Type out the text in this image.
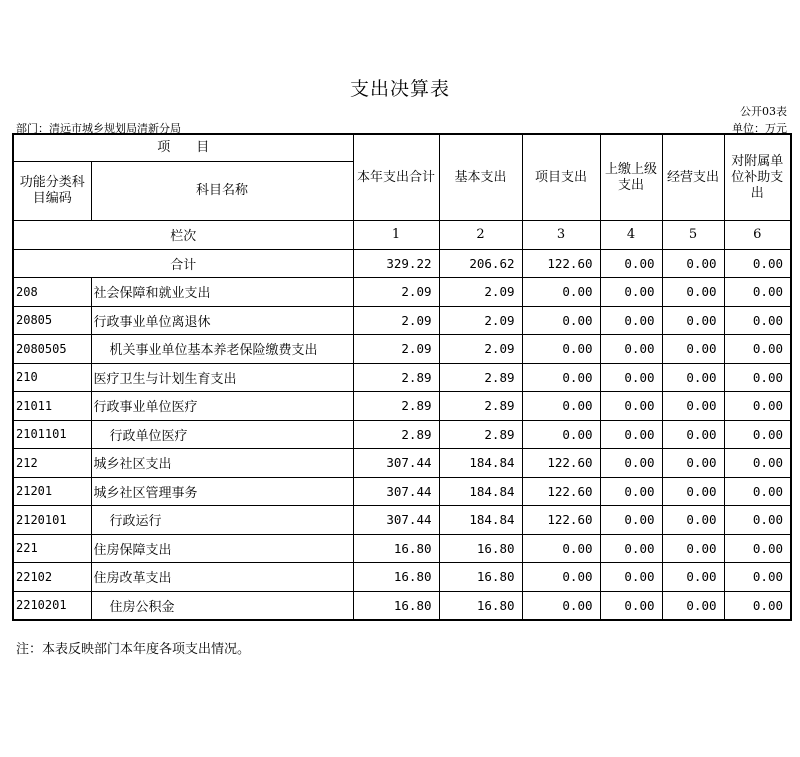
支出决算表
公开03表
部门：清远市城乡规划局清新分局	单位：万元
项　　目		本年支出合计	基本支出	项目支出	上缴上级支出	经营支出	对附属单位补助支出
功能分类科目编码	科目名称						
栏次		1	2	3	4	5	6
合计		329.22	206.62	122.60	0.00	0.00	0.00
208	社会保障和就业支出	2.09	2.09	0.00	0.00	0.00	0.00
20805	行政事业单位离退休	2.09	2.09	0.00	0.00	0.00	0.00
2080505	机关事业单位基本养老保险缴费支出	2.09	2.09	0.00	0.00	0.00	0.00
210	医疗卫生与计划生育支出	2.89	2.89	0.00	0.00	0.00	0.00
21011	行政事业单位医疗	2.89	2.89	0.00	0.00	0.00	0.00
2101101	行政单位医疗	2.89	2.89	0.00	0.00	0.00	0.00
212	城乡社区支出	307.44	184.84	122.60	0.00	0.00	0.00
21201	城乡社区管理事务	307.44	184.84	122.60	0.00	0.00	0.00
2120101	行政运行	307.44	184.84	122.60	0.00	0.00	0.00
221	住房保障支出	16.80	16.80	0.00	0.00	0.00	0.00
22102	住房改革支出	16.80	16.80	0.00	0.00	0.00	0.00
2210201	住房公积金	16.80	16.80	0.00	0.00	0.00	0.00
注：本表反映部门本年度各项支出情况。
